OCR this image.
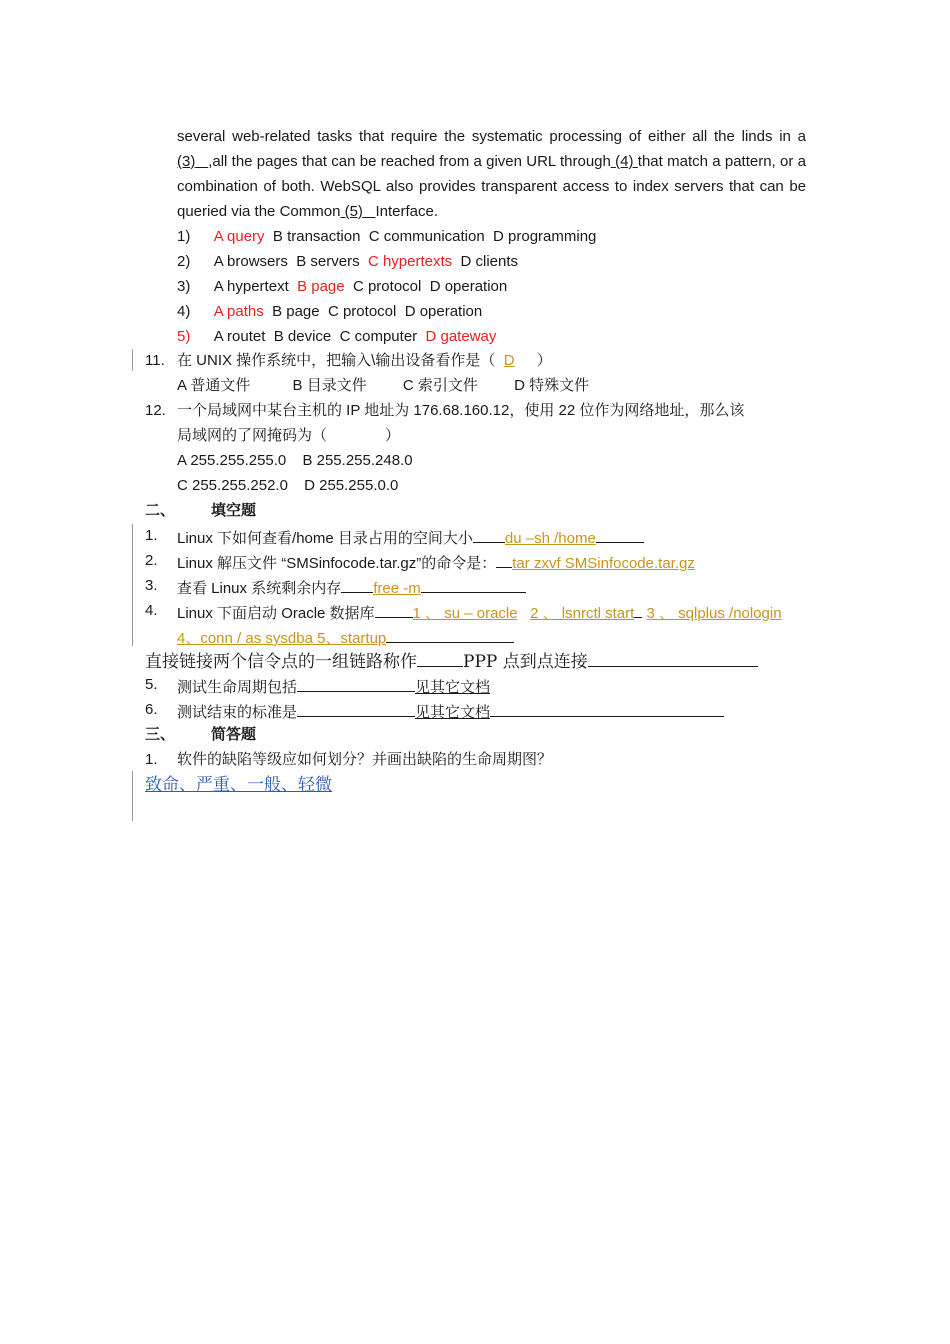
several web-related tasks that require the systematic processing of either all the linds in a (3) ,all the pages that can be reached from a given URL through (4) that match a pattern, or a combination of both. WebSQL also provides transparent access to index servers that can be queried via the Common (5) Interface.
1) A query B transaction C communication D programming
2) A browsers B servers C hypertexts D clients
3) A hypertext B page C protocol D operation
4) A paths B page C protocol D operation
5) A routet B device C computer D gateway
11. 在 UNIX 操作系统中，把输入\输出设备看作是（ D ）
A 普通文件	B 目录文件 C 索引文件 D 特殊文件
12. 一个局域网中某台主机的 IP 地址为 176.68.160.12，使用 22 位作为网络地址，那么该
局域网的了网掩码为（	）
A 255.255.255.0 B 255.255.248.0
C 255.255.252.0 D 255.255.0.0
二、 填空题
1. Linux 下如何查看/home 目录占用的空间大小 du –sh /home
2. Linux 解压文件 “SMSinfocode.tar.gz”的命令是： tar zxvf SMSinfocode.tar.gz
3. 查看 Linux 系统剩余内存 free -m
4. Linux 下面启动 Oracle 数据库	1 、 su – oracle 2 、 lsnrctl start 3 、 sqlplus /nologin
4、conn / as sysdba 5、startup
直接链接两个信令点的一组链路称作	PPP 点到点连接
5. 测试生命周期包括	见其它文档
6. 测试结束的标准是	见其它文档
三、 简答题
1. 软件的缺陷等级应如何划分？并画出缺陷的生命周期图？
致命、严重、一般、轻微
